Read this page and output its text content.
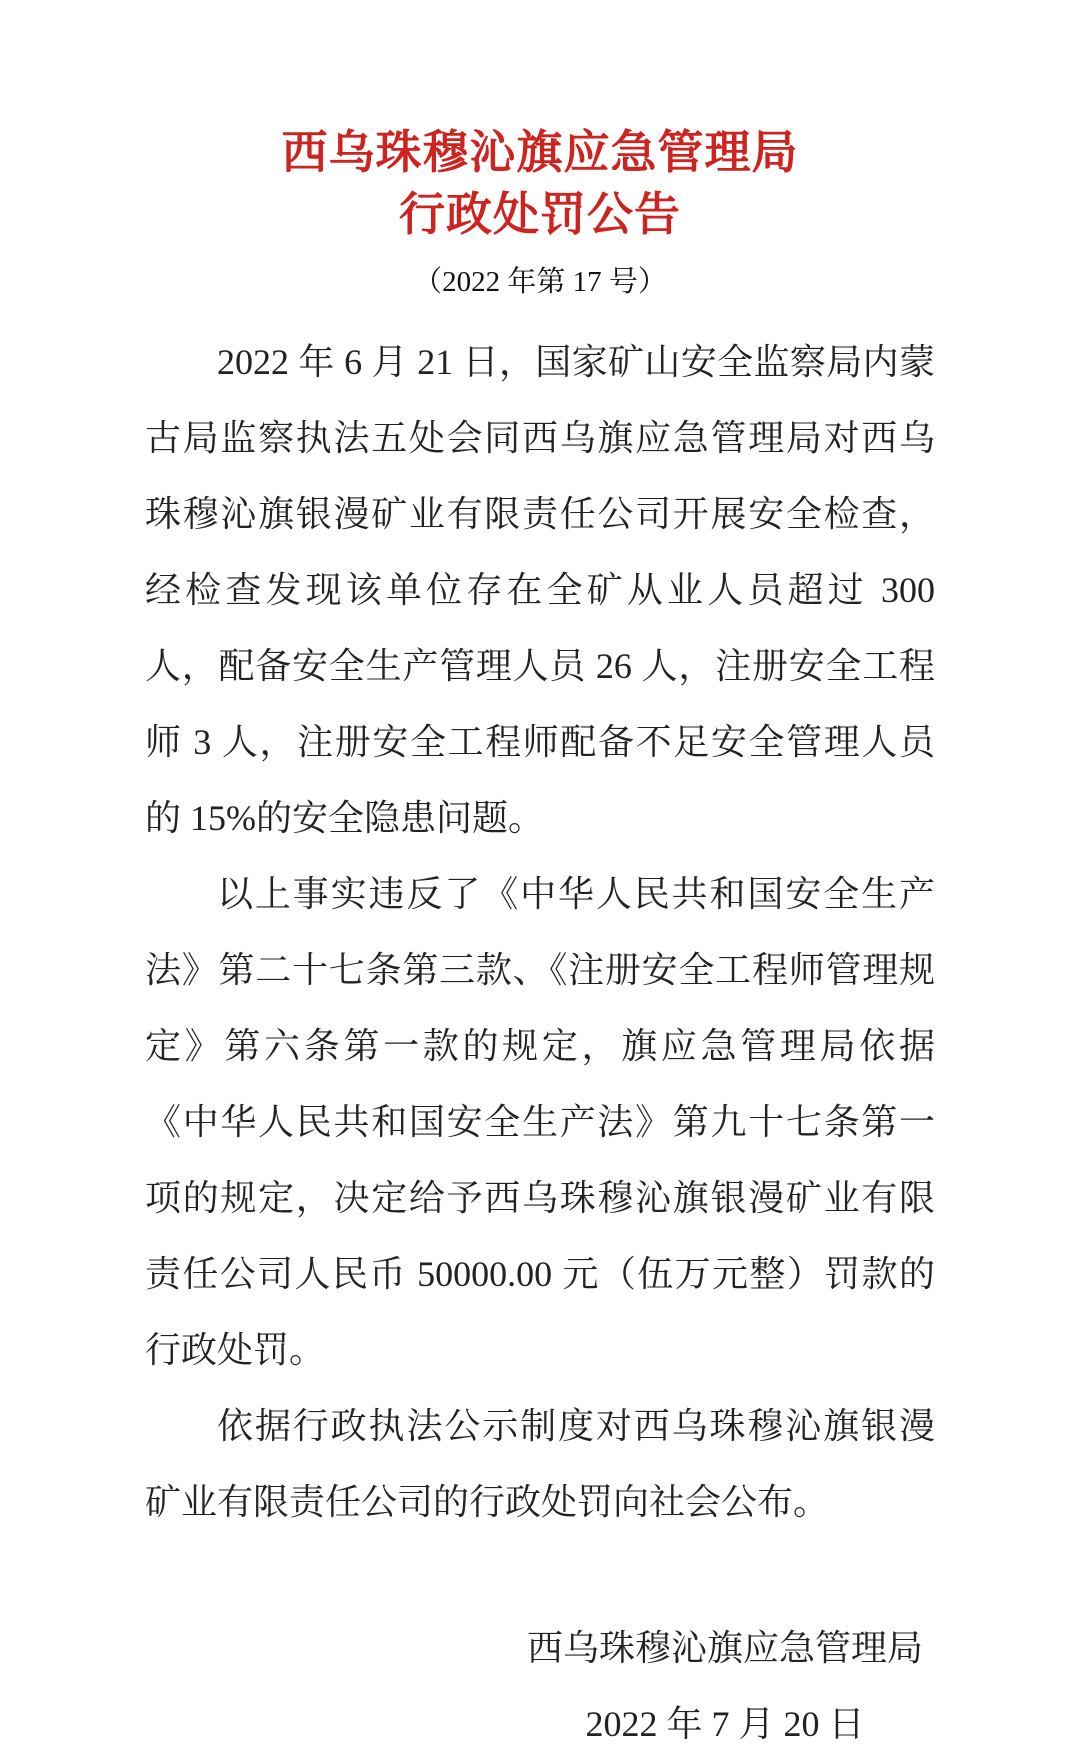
西乌珠穆沁旗应急管理局
行政处罚公告
（2022 年第 17 号）

2022 年 6 月 21 日，国家矿山安全监察局内蒙古局监察执法五处会同西乌旗应急管理局对西乌珠穆沁旗银漫矿业有限责任公司开展安全检查，经检查发现该单位存在全矿从业人员超过 300 人，配备安全生产管理人员 26 人，注册安全工程师 3 人，注册安全工程师配备不足安全管理人员的 15%的安全隐患问题。

以上事实违反了《中华人民共和国安全生产法》第二十七条第三款、《注册安全工程师管理规定》第六条第一款的规定，旗应急管理局依据《中华人民共和国安全生产法》第九十七条第一项的规定，决定给予西乌珠穆沁旗银漫矿业有限责任公司人民币 50000.00 元（伍万元整）罚款的行政处罚。

依据行政执法公示制度对西乌珠穆沁旗银漫矿业有限责任公司的行政处罚向社会公布。

西乌珠穆沁旗应急管理局
2022 年 7 月 20 日
